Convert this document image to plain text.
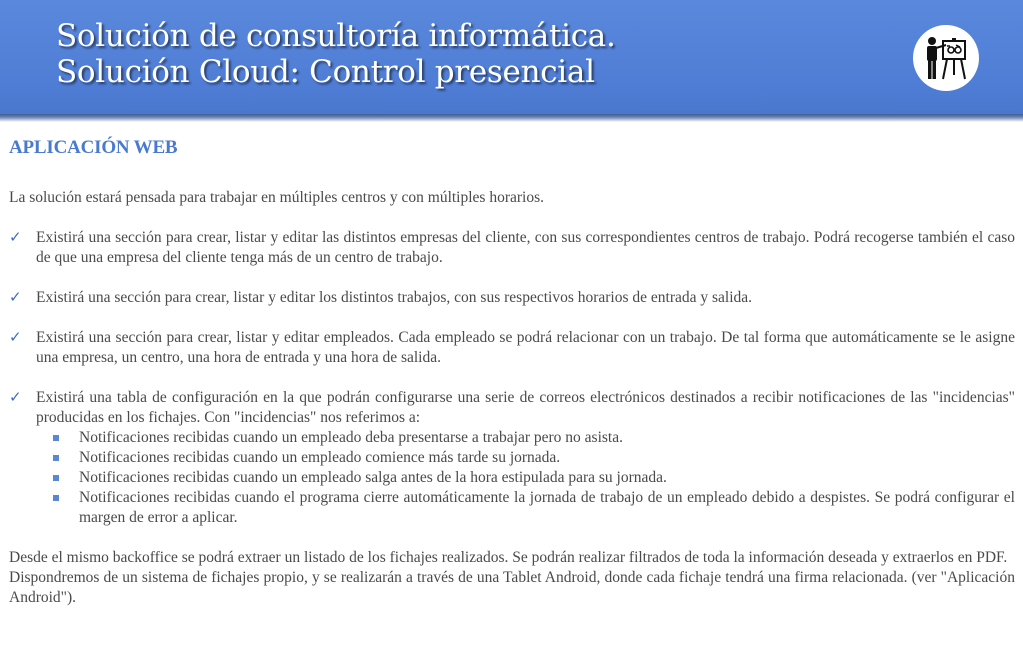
Solución de consultoría informática.
Solución Cloud: Control presencial
APLICACIÓN WEB
La solución estará pensada para trabajar en múltiples centros y con múltiples horarios.
✓ Existirá una sección para crear, listar y editar las distintos empresas del cliente, con sus correspondientes centros de trabajo. Podrá recogerse también el caso de que una empresa del cliente tenga más de un centro de trabajo.
✓ Existirá una sección para crear, listar y editar los distintos trabajos, con sus respectivos horarios de entrada y salida.
✓ Existirá una sección para crear, listar y editar empleados. Cada empleado se podrá relacionar con un trabajo. De tal forma que automáticamente se le asigne una empresa, un centro, una hora de entrada y una hora de salida.
✓ Existirá una tabla de configuración en la que podrán configurarse una serie de correos electrónicos destinados a recibir notificaciones de las "incidencias" producidas en los fichajes. Con "incidencias" nos referimos a:
Notificaciones recibidas cuando un empleado deba presentarse a trabajar pero no asista.
Notificaciones recibidas cuando un empleado comience más tarde su jornada.
Notificaciones recibidas cuando un empleado salga antes de la hora estipulada para su jornada.
Notificaciones recibidas cuando el programa cierre automáticamente la jornada de trabajo de un empleado debido a despistes. Se podrá configurar el margen de error a aplicar.
Desde el mismo backoffice se podrá extraer un listado de los fichajes realizados. Se podrán realizar filtrados de toda la información deseada y extraerlos en PDF.
Dispondremos de un sistema de fichajes propio, y se realizarán a través de una Tablet Android, donde cada fichaje tendrá una firma relacionada. (ver "Aplicación Android").
